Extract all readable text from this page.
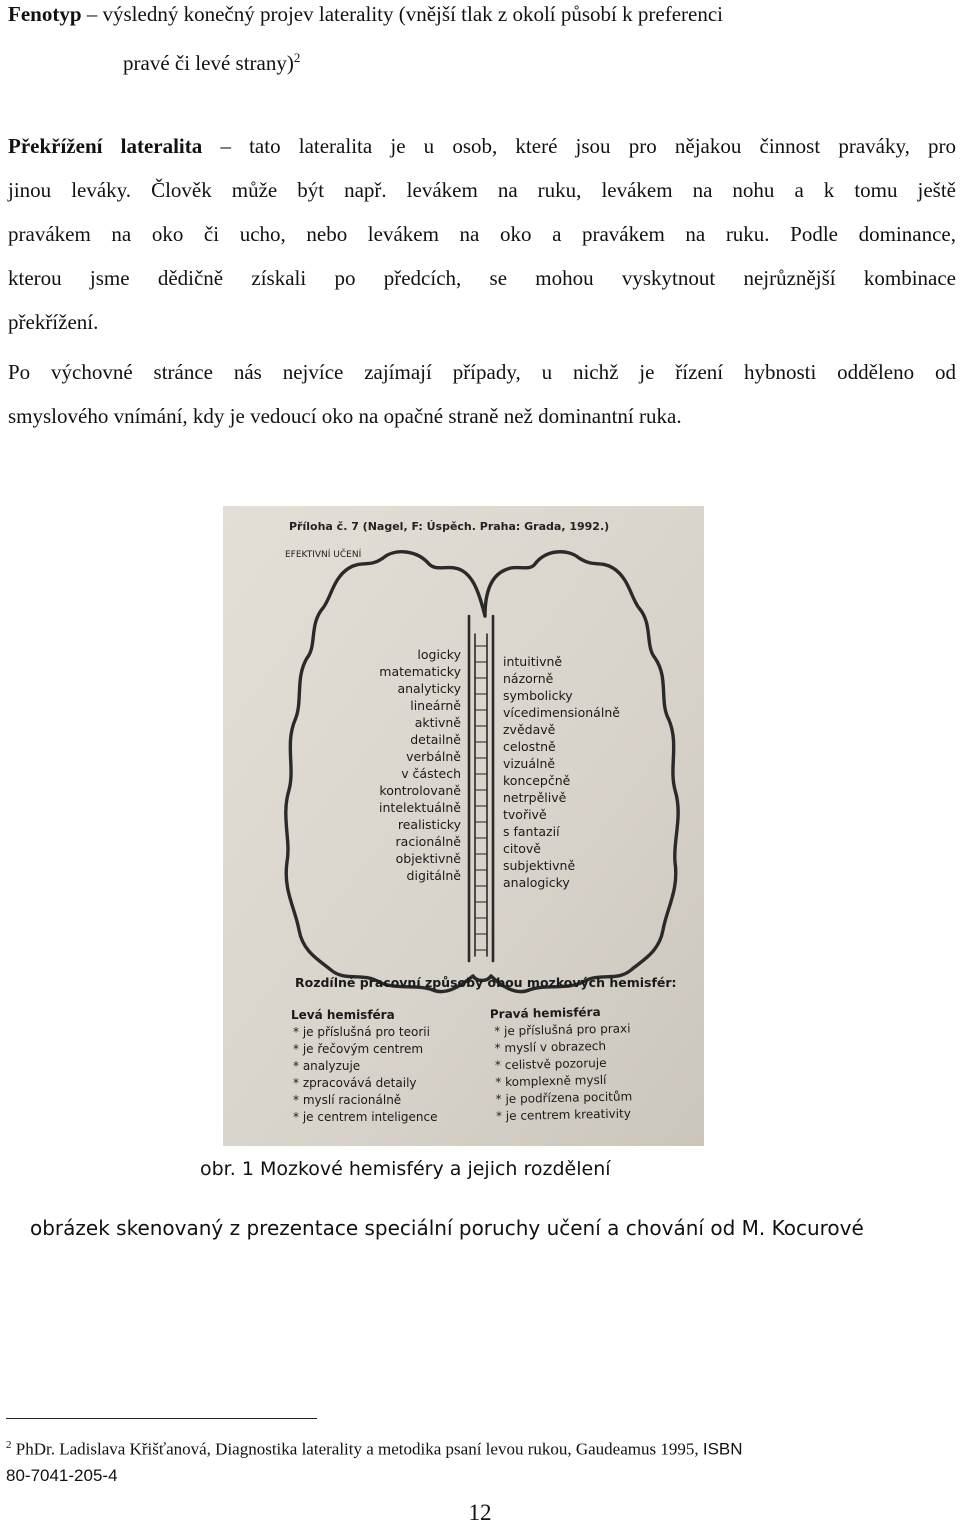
Fenotyp – výsledný konečný projev laterality (vnější tlak z okolí působí k preferenci
pravé či levé strany)$^2$
Překřížení lateralita – tato lateralita je u osob, které jsou pro nějakou činnost praváky, pro
jinou leváky. Člověk může být např. levákem na ruku, levákem na nohu a k tomu ještě
pravákem na oko či ucho, nebo levákem na oko a pravákem na ruku. Podle dominance,
kterou jsme dědičně získali po předcích, se mohou vyskytnout nejrůznější kombinace
překřížení.
Po výchovné stránce nás nejvíce zajímají případy, u nichž je řízení hybnosti odděleno od
smyslového vnímání, kdy je vedoucí oko na opačné straně než dominantní ruka.
Příloha č. 7 (Nagel, F: Úspěch. Praha: Grada, 1992.)
EFEKTIVNÍ UČENÍ
logicky
matematicky
analyticky
lineárně
aktivně
detailně
verbálně
v částech
kontrolovaně
intelektuálně
realisticky
racionálně
objektivně
digitálně
intuitivně
názorně
symbolicky
vícedimensionálně
zvědavě
celostně
vizuálně
koncepčně
netrpělivě
tvořivě
s fantazií
citově
subjektivně
analogicky
Rozdílné pracovní způsoby obou mozkových hemisfér:
Levá hemisféra
* je příslušná pro teorii
* je řečovým centrem
* analyzuje
* zpracovává detaily
* myslí racionálně
* je centrem inteligence
Pravá hemisféra
* je příslušná pro praxi
* myslí v obrazech
* celistvě pozoruje
* komplexně myslí
* je podřízena pocitům
* je centrem kreativity
obr. 1 Mozkové hemisféry a jejich rozdělení
obrázek skenovaný z prezentace speciální poruchy učení a chování od M. Kocurové
$^2$ PhDr. Ladislava Křišťanová, Diagnostika laterality a metodika psaní levou rukou, Gaudeamus 1995, ISBN
80-7041-205-4
12
